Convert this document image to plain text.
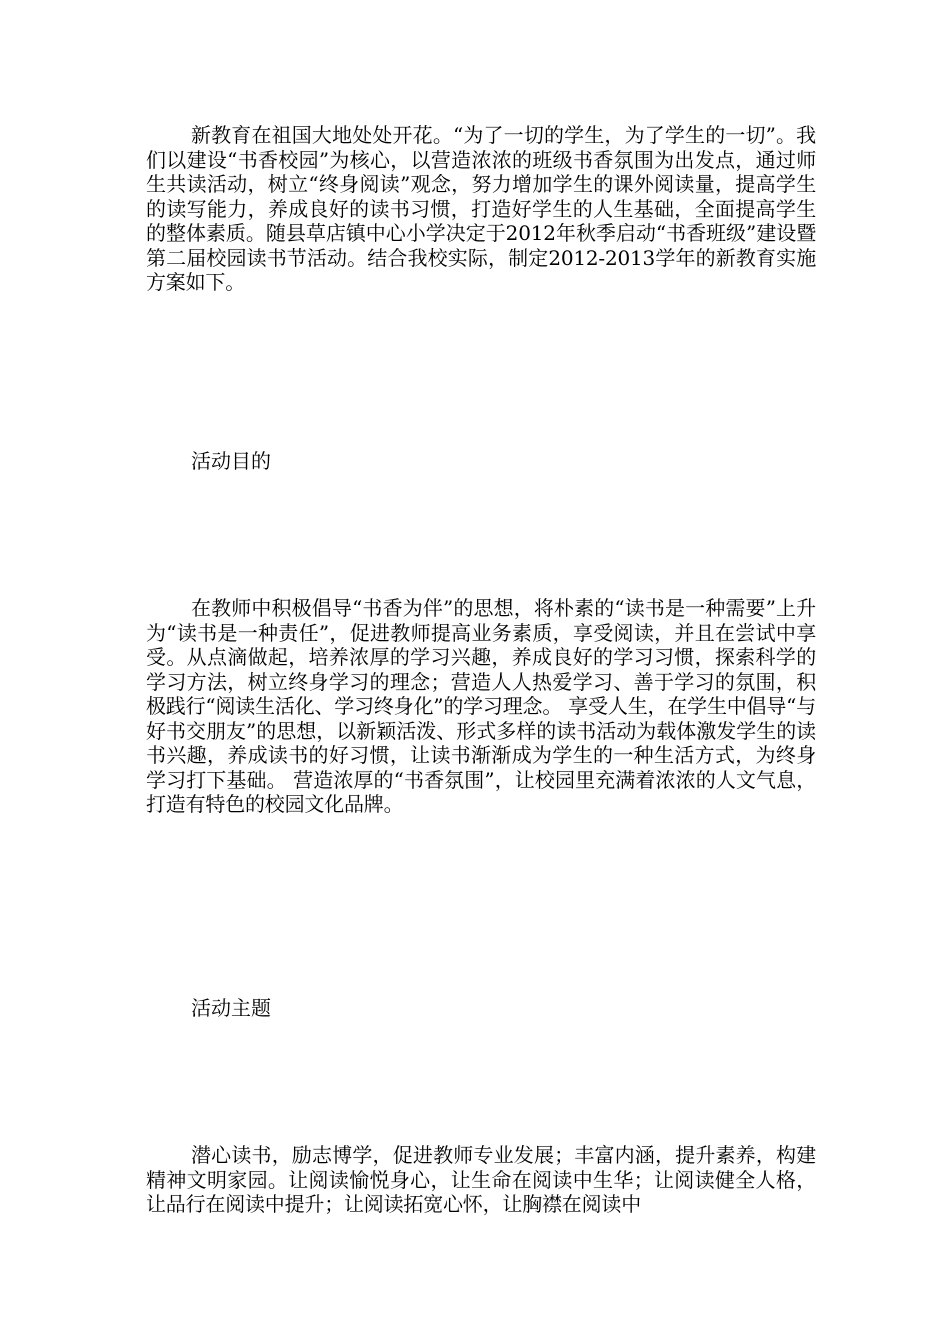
新教育在祖国大地处处开花。“为了一切的学生，为了学生的一切”。我们以建设“书香校园”为核心，以营造浓浓的班级书香氛围为出发点，通过师生共读活动，树立“终身阅读”观念，努力增加学生的课外阅读量，提高学生的读写能力，养成良好的读书习惯，打造好学生的人生基础，全面提高学生的整体素质。随县草店镇中心小学决定于2012年秋季启动“书香班级”建设暨第二届校园读书节活动。结合我校实际，制定2012-2013学年的新教育实施方案如下。

活动目的

在教师中积极倡导“书香为伴”的思想，将朴素的“读书是一种需要”上升为“读书是一种责任”，促进教师提高业务素质，享受阅读，并且在尝试中享受。从点滴做起，培养浓厚的学习兴趣，养成良好的学习习惯，探索科学的学习方法，树立终身学习的理念；营造人人热爱学习、善于学习的氛围，积极践行“阅读生活化、学习终身化”的学习理念。 享受人生，在学生中倡导“与好书交朋友”的思想，以新颖活泼、形式多样的读书活动为载体激发学生的读书兴趣，养成读书的好习惯，让读书渐渐成为学生的一种生活方式，为终身学习打下基础。 营造浓厚的“书香氛围”，让校园里充满着浓浓的人文气息，打造有特色的校园文化品牌。

活动主题

潜心读书，励志博学，促进教师专业发展；丰富内涵，提升素养，构建精神文明家园。让阅读愉悦身心，让生命在阅读中生华；让阅读健全人格，让品行在阅读中提升；让阅读拓宽心怀，让胸襟在阅读中
